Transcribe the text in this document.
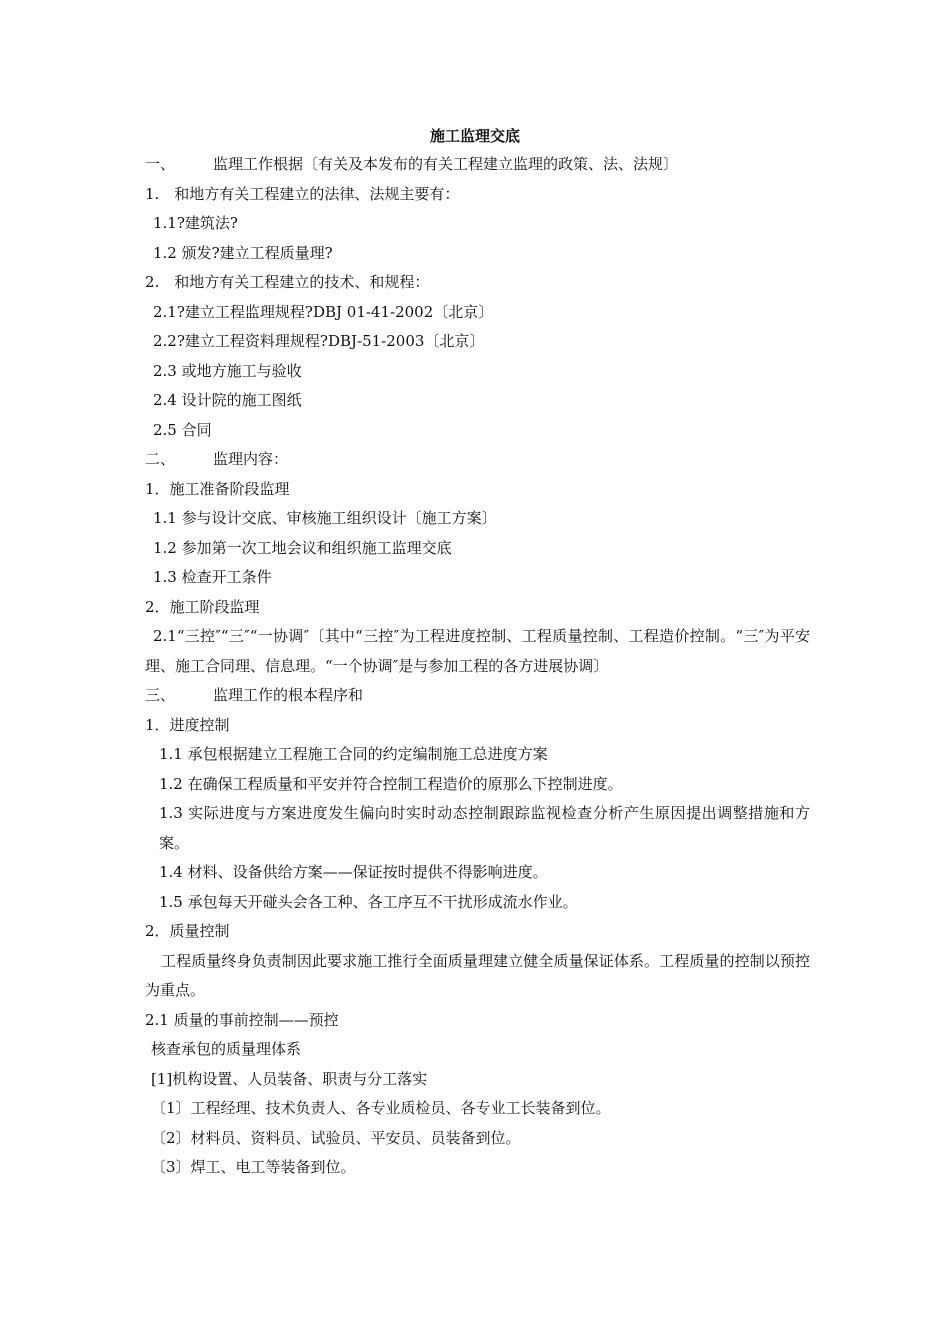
施工监理交底
一、	监理工作根据〔有关及本发布的有关工程建立监理的政策、法、法规〕
1.　和地方有关工程建立的法律、法规主要有：
1.1?建筑法?
1.2 颁发?建立工程质量理?
2.　和地方有关工程建立的技术、和规程：
2.1?建立工程监理规程?DBJ 01-41-2002〔北京〕
2.2?建立工程资料理规程?DBJ-51-2003〔北京〕
2.3 或地方施工与验收
2.4 设计院的施工图纸
2.5 合同
二、	监理内容：
1．施工准备阶段监理
1.1 参与设计交底、审核施工组织设计〔施工方案〕
1.2 参加第一次工地会议和组织施工监理交底
1.3 检查开工条件
2．施工阶段监理
2.1“三控″“三″“一协调″〔其中“三控″为工程进度控制、工程质量控制、工程造价控制。“三″为平安理、施工合同理、信息理。“一个协调″是与参加工程的各方进展协调〕
三、	监理工作的根本程序和
1．进度控制
1.1 承包根据建立工程施工合同的约定编制施工总进度方案
1.2 在确保工程质量和平安并符合控制工程造价的原那么下控制进度。
1.3 实际进度与方案进度发生偏向时实时动态控制跟踪监视检查分析产生原因提出调整措施和方案。
1.4 材料、设备供给方案——保证按时提供不得影响进度。
1.5 承包每天开碰头会各工种、各工序互不干扰形成流水作业。
2．质量控制
工程质量终身负责制因此要求施工推行全面质量理建立健全质量保证体系。工程质量的控制以预控为重点。
2.1 质量的事前控制——预控
核查承包的质量理体系
[1]机构设置、人员装备、职责与分工落实
〔1〕工程经理、技术负责人、各专业质检员、各专业工长装备到位。
〔2〕材料员、资料员、试验员、平安员、员装备到位。
〔3〕焊工、电工等装备到位。
